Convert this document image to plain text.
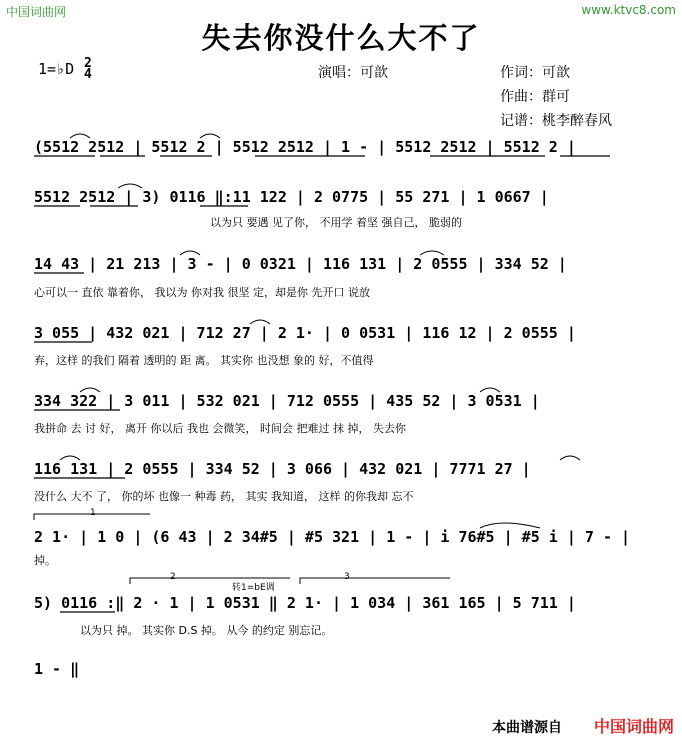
中国词曲网	www.ktvc8.com
失去你没什么大不了
1=♭D 2
4	演唱：可歆	作词：可歆
作曲：群可
记谱：桃李醉春风
(5512 2512 | 5512 2 | 5512 2512 | 1 - | 5512 2512 | 5512 2 |
5512 2512 | 3) 0116 ‖:11 122 | 2 0775 | 55 271 | 1 0667 |
以为只 要遇 见了你， 不用学 着坚 强自己， 脆弱的
14 43 | 21 213 | 3 - | 0 0321 | 116 131 | 2 0555 | 334 52 |
心可以一 直依 靠着你， 我以为 你对我 很坚 定，却是你 先开口 说放
3 055 | 432 021 | 712 27 | 2 1· | 0 0531 | 116 12 | 2 0555 |
弃，这样 的我们 隔着 透明的 距 离。 其实你 也没想 象的 好，不值得
334 322 | 3 011 | 532 021 | 712 0555 | 435 52 | 3 0531 |
我拼命 去 讨 好， 离开 你以后 我也 会微笑， 时间会 把难过 抹 掉， 失去你
116 131 | 2 0555 | 334 52 | 3 066 | 432 021 | 7771 27 |
没什么 大不 了， 你的坏 也像一 种毒 药， 其实 我知道， 这样 的你我却 忘不
2 1· | 1 0 | (6 43 | 2 34#5 | #5 321 | 1 - | i 76#5 | #5 i | 7 - |
掉。
5) 0116 :‖ 2 · 1 | 1 0531 ‖ 2 1· | 1 034 | 361 165 | 5 711 |
以为只 掉。 其实你 D.S 掉。 从今 的约定 别忘记。
1 - ‖
1
2	3
转1=bE调
本曲谱源自 中国词曲网
